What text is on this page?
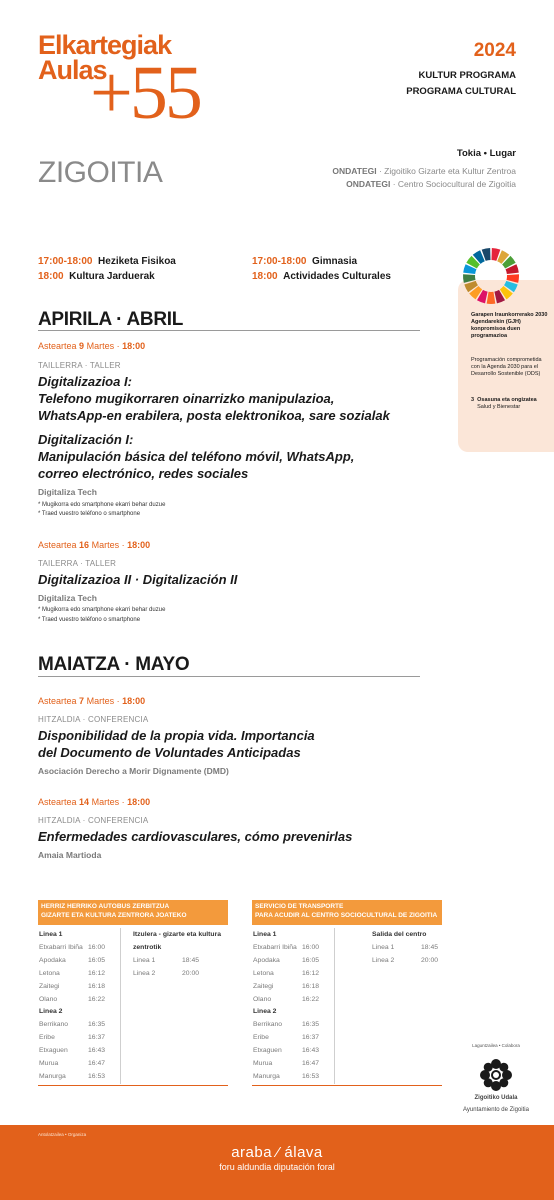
Elkartegiak
Aulas
+55
2024
KULTUR PROGRAMA
PROGRAMA CULTURAL
ZIGOITIA
Tokia • Lugar
ONDATEGI · Zigoitiko Gizarte eta Kultur Zentroa
ONDATEGI · Centro Sociocultural de Zigoitia
17:00-18:00 Heziketa Fisikoa
18:00 Kultura Jarduerak
17:00-18:00 Gimnasia
18:00 Actividades Culturales
Garapen Iraunkorrerako 2030 Agendarekin (GJH) konpromisoa duen programazioa
Programación comprometida con la Agenda 2030 para el Desarrollo Sostenible (ODS)
3 Osasuna eta ongizatea
Salud y Bienestar
APIRILA · ABRIL
Asteartea 9 Martes · 18:00
TAILLERRA · TALLER
Digitalizazioa I:
Telefono mugikorraren oinarrizko manipulazioa,
WhatsApp-en erabilera, posta elektronikoa, sare sozialak
Digitalización I:
Manipulación básica del teléfono móvil, WhatsApp,
correo electrónico, redes sociales
Digitaliza Tech
* Mugikorra edo smartphone ekarri behar duzue
* Traed vuestro teléfono o smartphone
Asteartea 16 Martes · 18:00
TAILERRA · TALLER
Digitalizazioa II · Digitalización II
Digitaliza Tech
* Mugikorra edo smartphone ekarri behar duzue
* Traed vuestro teléfono o smartphone
MAIATZA · MAYO
Asteartea 7 Martes · 18:00
HITZALDIA · CONFERENCIA
Disponibilidad de la propia vida. Importancia
del Documento de Voluntades Anticipadas
Asociación Derecho a Morir Dignamente (DMD)
Asteartea 14 Martes · 18:00
HITZALDIA · CONFERENCIA
Enfermedades cardiovasculares, cómo prevenirlas
Amaia Martioda
HERRIZ HERRIKO AUTOBUS ZERBITZUA
GIZARTE ETA KULTURA ZENTRORA JOATEKO
Linea 1
Etxabarri Ibiña 16:00
Apodaka	16:05
Letona	16:12
Zaitegi	16:18
Olano	16:22
Linea 2
Berrikano	16:35
Eribe	16:37
Etxaguen	16:43
Murua	16:47
Manurga	16:53
Itzulera - gizarte eta kultura
zentrotik
Linea 1	18:45
Linea 2	20:00
SERVICIO DE TRANSPORTE
PARA ACUDIR AL CENTRO SOCIOCULTURAL DE ZIGOITIA
Linea 1
Etxabarri Ibiña 16:00
Apodaka	16:05
Letona	16:12
Zaitegi	16:18
Olano	16:22
Linea 2
Berrikano	16:35
Eribe	16:37
Etxaguen	16:43
Murua	16:47
Manurga	16:53
Salida del centro
Linea 1	18:45
Linea 2	20:00
Laguntzailea • Colabora
Zigoitiko Udala
Ayuntamiento de Zigoitia
Antolatzailea • Organiza
araba ⁄ álava
foru aldundia diputación foral
